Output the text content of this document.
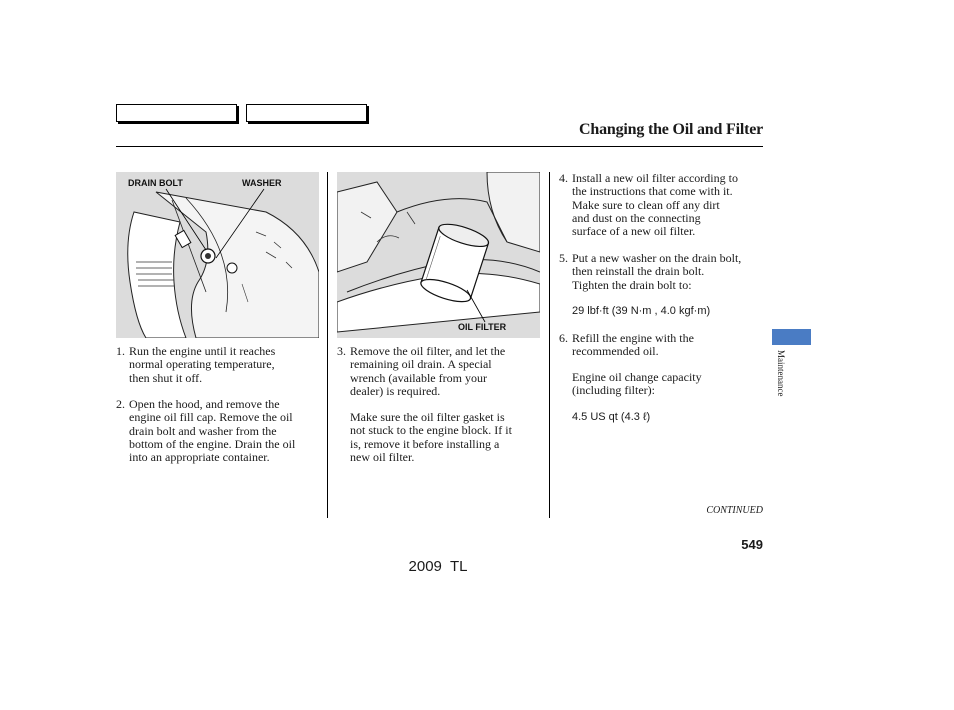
Changing the Oil and Filter
DRAIN BOLT	WASHER
OIL FILTER
1. Run the engine until it reaches
normal operating temperature,
then shut it off.
2. Open the hood, and remove the
engine oil fill cap. Remove the oil
drain bolt and washer from the
bottom of the engine. Drain the oil
into an appropriate container.
3. Remove the oil filter, and let the
remaining oil drain. A special
wrench (available from your
dealer) is required.
Make sure the oil filter gasket is
not stuck to the engine block. If it
is, remove it before installing a
new oil filter.
4. Install a new oil filter according to
the instructions that come with it.
Make sure to clean off any dirt
and dust on the connecting
surface of a new oil filter.
5. Put a new washer on the drain bolt,
then reinstall the drain bolt.
Tighten the drain bolt to:
29 lbf·ft (39 N·m , 4.0 kgf·m)
6. Refill the engine with the
recommended oil.
Engine oil change capacity
(including filter):
4.5 US qt (4.3 ℓ)
Maintenance
CONTINUED
549
2009  TL
